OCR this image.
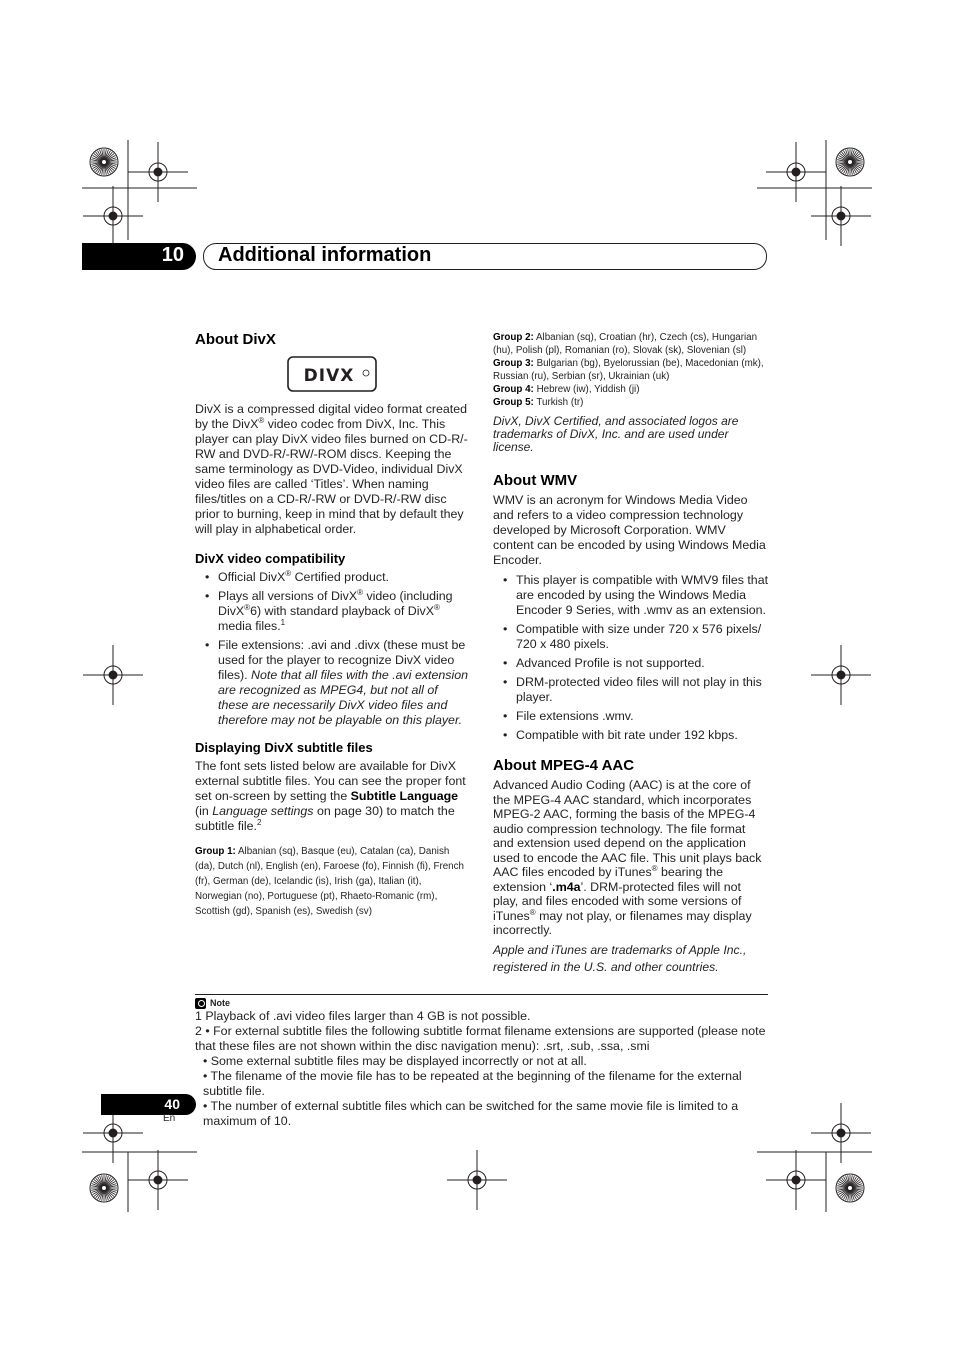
10 Additional information
About DivX
DIVX

DivX is a compressed digital video format created by the DivX® video codec from DivX, Inc. This player can play DivX video files burned on CD-R/-RW and DVD-R/-RW/-ROM discs. Keeping the same terminology as DVD-Video, individual DivX video files are called ‘Titles’. When naming files/titles on a CD-R/-RW or DVD-R/-RW disc prior to burning, keep in mind that by default they will play in alphabetical order.

DivX video compatibility
• Official DivX® Certified product.
• Plays all versions of DivX® video (including DivX®6) with standard playback of DivX® media files.$^1$
• File extensions: .avi and .divx (these must be used for the player to recognize DivX video files). Note that all files with the .avi extension are recognized as MPEG4, but not all of these are necessarily DivX video files and therefore may not be playable on this player.
Displaying DivX subtitle files

The font sets listed below are available for DivX external subtitle files. You can see the proper font set on-screen by setting the Subtitle Language (in Language settings on page 30) to match the subtitle file.$^2$

Group 1: Albanian (sq), Basque (eu), Catalan (ca), Danish (da), Dutch (nl), English (en), Faroese (fo), Finnish (fi), French (fr), German (de), Icelandic (is), Irish (ga), Italian (it), Norwegian (no), Portuguese (pt), Rhaeto-Romanic (rm), Scottish (gd), Spanish (es), Swedish (sv)

Group 2: Albanian (sq), Croatian (hr), Czech (cs), Hungarian (hu), Polish (pl), Romanian (ro), Slovak (sk), Slovenian (sl)

Group 3: Bulgarian (bg), Byelorussian (be), Macedonian (mk), Russian (ru), Serbian (sr), Ukrainian (uk)

Group 4: Hebrew (iw), Yiddish (ji)

Group 5: Turkish (tr)

DivX, DivX Certified, and associated logos are trademarks of DivX, Inc. and are used under license.

About WMV

WMV is an acronym for Windows Media Video and refers to a video compression technology developed by Microsoft Corporation. WMV content can be encoded by using Windows Media Encoder.

• This player is compatible with WMV9 files that are encoded by using the Windows Media Encoder 9 Series, with .wmv as an extension.
• Compatible with size under 720 x 576 pixels/ 720 x 480 pixels.
• Advanced Profile is not supported.
• DRM-protected video files will not play in this player.
• File extensions .wmv.
• Compatible with bit rate under 192 kbps.
About MPEG-4 AAC

Advanced Audio Coding (AAC) is at the core of the MPEG-4 AAC standard, which incorporates MPEG-2 AAC, forming the basis of the MPEG-4 audio compression technology. The file format and extension used depend on the application used to encode the AAC file. This unit plays back AAC files encoded by iTunes® bearing the extension ‘.m4a’. DRM-protected files will not play, and files encoded with some versions of iTunes® may not play, or filenames may display incorrectly.

Apple and iTunes are trademarks of Apple Inc., registered in the U.S. and other countries.

Note

1 Playback of .avi video files larger than 4 GB is not possible.

2 • For external subtitle files the following subtitle format filename extensions are supported (please note that these files are not shown within the disc navigation menu): .srt, .sub, .ssa, .smi

• Some external subtitle files may be displayed incorrectly or not at all.

• The filename of the movie file has to be repeated at the beginning of the filename for the external subtitle file.

• The number of external subtitle files which can be switched for the same movie file is limited to a maximum of 10.

40
En
